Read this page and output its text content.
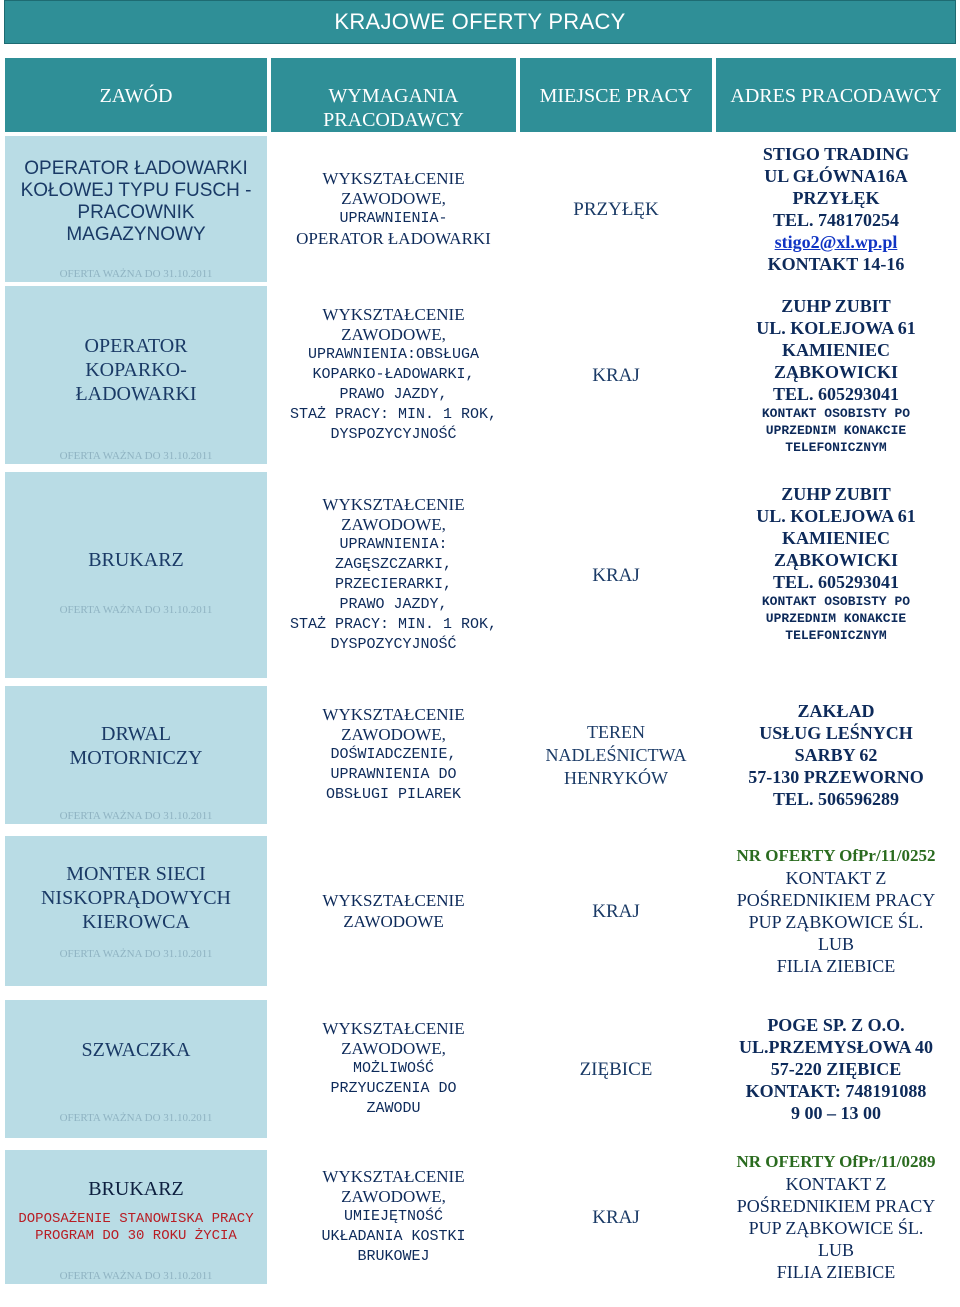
KRAJOWE OFERTY PRACY
ZAWÓD	WYMAGANIA PRACODAWCY
MIEJSCE PRACY ADRES PRACODAWCY
OPERATOR ŁADOWARKI KOŁOWEJ TYPU FUSCH - PRACOWNIK MAGAZYNOWY
OFERTA WAŻNA DO 31.10.2011
WYKSZTAŁCENIE
ZAWODOWE,
UPRAWNIENIA-
OPERATOR ŁADOWARKI
PRZYŁĘK
STIGO TRADING
UL GŁÓWNA16A
PRZYŁĘK
TEL. 748170254
stigo2@xl.wp.pl
KONTAKT 14-16
OPERATOR KOPARKO-ŁADOWARKI
OFERTA WAŻNA DO 31.10.2011
WYKSZTAŁCENIE
ZAWODOWE,
UPRAWNIENIA:OBSŁUGA
KOPARKO-ŁADOWARKI,
PRAWO JAZDY,
STAŻ PRACY: MIN. 1 ROK,
DYSPOZYCYJNOŚĆ
KRAJ
ZUHP ZUBIT
UL. KOLEJOWA 61
KAMIENIEC
ZĄBKOWICKI
TEL. 605293041
KONTAKT OSOBISTY PO
UPRZEDNIM KONAKCIE
TELEFONICZNYM
BRUKARZ
OFERTA WAŻNA DO 31.10.2011
WYKSZTAŁCENIE
ZAWODOWE,
UPRAWNIENIA:
ZAGĘSZCZARKI,
PRZECIERARKI,
PRAWO JAZDY,
STAŻ PRACY: MIN. 1 ROK,
DYSPOZYCYJNOŚĆ
KRAJ
ZUHP ZUBIT
UL. KOLEJOWA 61
KAMIENIEC
ZĄBKOWICKI
TEL. 605293041
KONTAKT OSOBISTY PO
UPRZEDNIM KONAKCIE
TELEFONICZNYM
DRWAL MOTORNICZY
OFERTA WAŻNA DO 31.10.2011
WYKSZTAŁCENIE
ZAWODOWE,
DOŚWIADCZENIE,
UPRAWNIENIA DO
OBSŁUGI PILAREK
TEREN NADLEŚNICTWA HENRYKÓW
ZAKŁAD
USŁUG LEŚNYCH
SARBY 62
57-130 PRZEWORNO
TEL. 506596289
MONTER SIECI NISKOPRĄDOWYCH KIEROWCA
OFERTA WAŻNA DO 31.10.2011
WYKSZTAŁCENIE
ZAWODOWE	KRAJ
NR OFERTY OfPr/11/0252
KONTAKT Z
POŚREDNIKIEM PRACY
PUP ZĄBKOWICE ŚL.
LUB
FILIA ZIEBICE
SZWACZKA
OFERTA WAŻNA DO 31.10.2011
WYKSZTAŁCENIE
ZAWODOWE,
MOŻLIWOŚĆ
PRZYUCZENIA DO
ZAWODU
ZIĘBICE
POGE SP. Z O.O.
UL.PRZEMYSŁOWA 40
57-220 ZIĘBICE
KONTAKT: 748191088
9 00 – 13 00
BRUKARZ
DOPOSAŻENIE STANOWISKA PRACY PROGRAM DO 30 ROKU ŻYCIA
OFERTA WAŻNA DO 31.10.2011
WYKSZTAŁCENIE
ZAWODOWE,
UMIEJĘTNOŚĆ
UKŁADANIA KOSTKI
BRUKOWEJ
KRAJ
NR OFERTY OfPr/11/0289
KONTAKT Z
POŚREDNIKIEM PRACY
PUP ZĄBKOWICE ŚL.
LUB
FILIA ZIEBICE
